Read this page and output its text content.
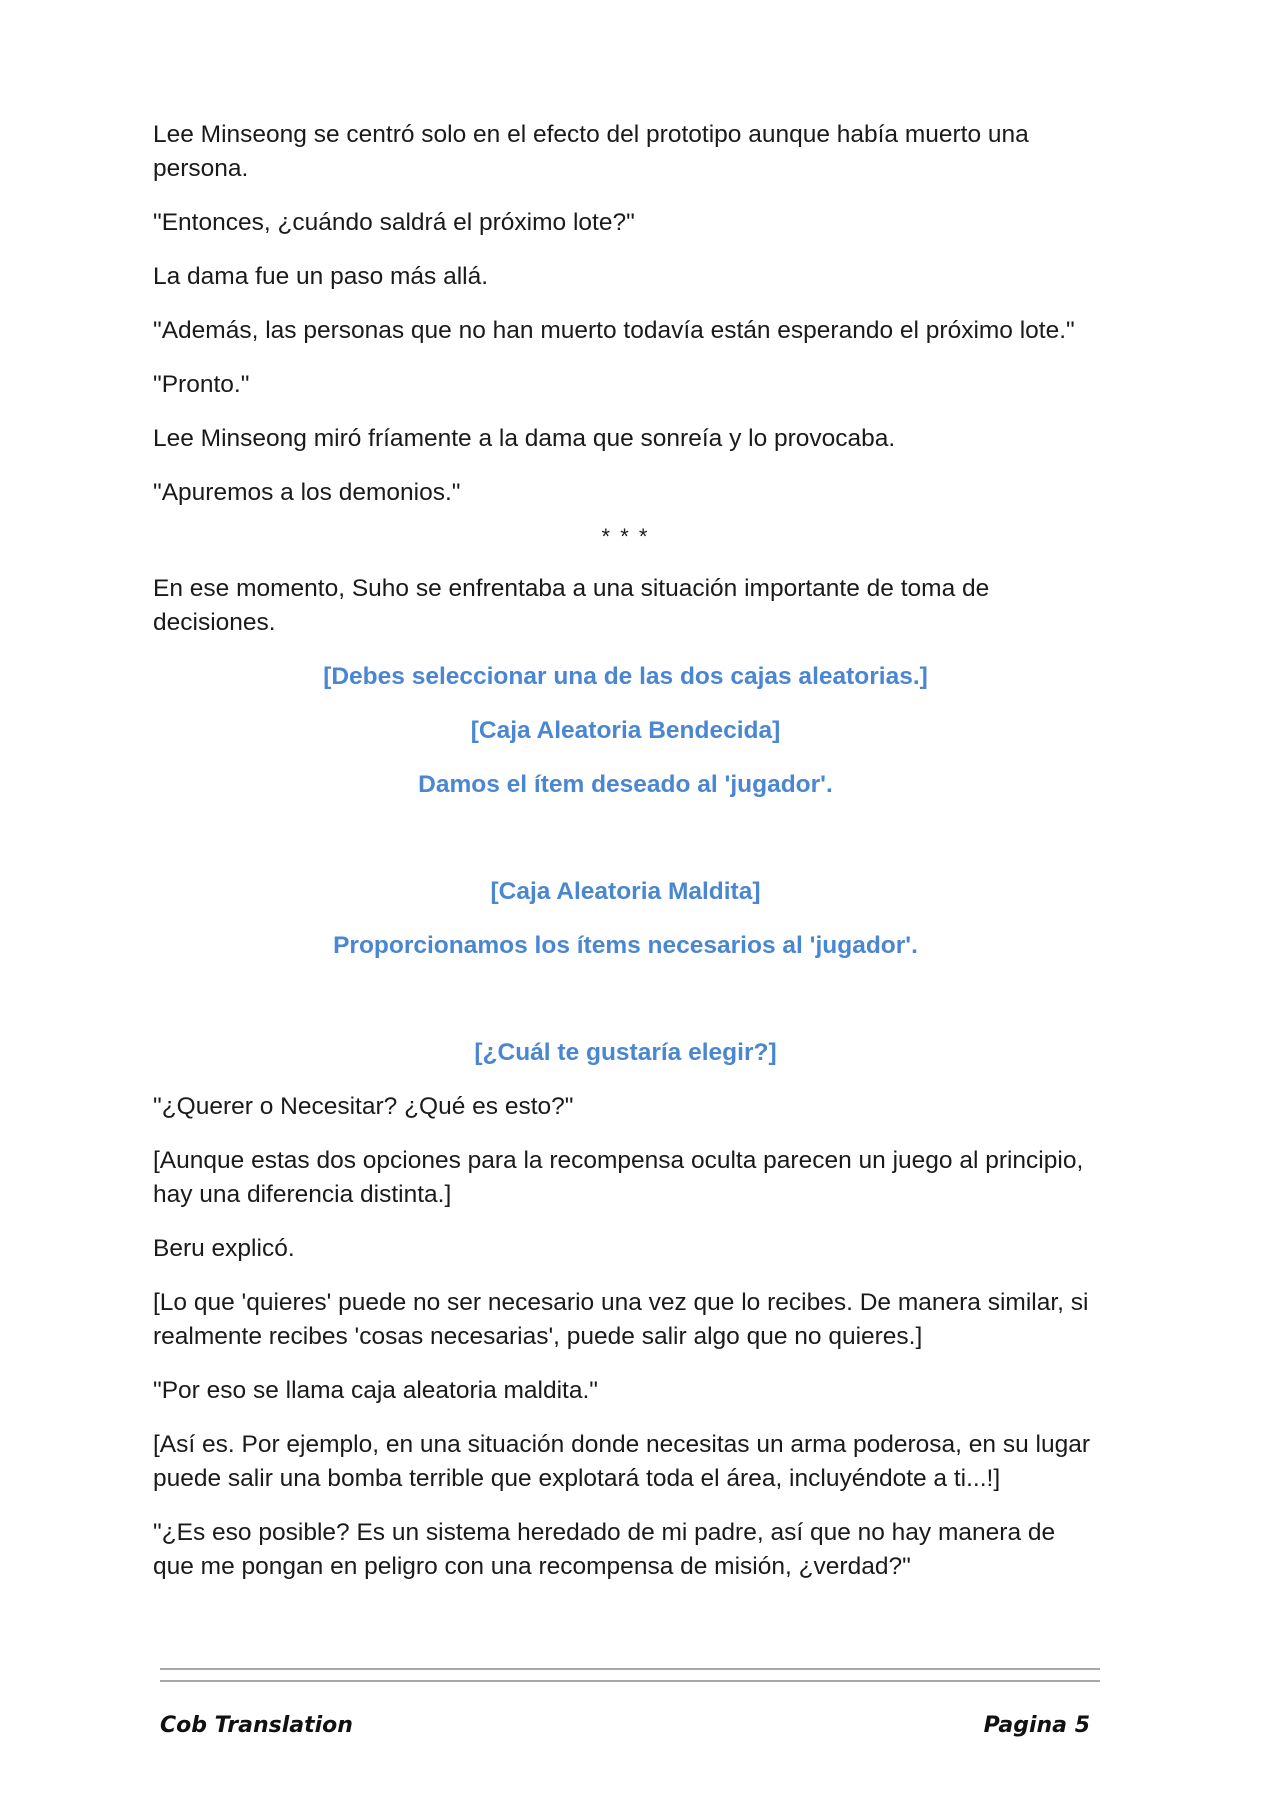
Lee Minseong se centró solo en el efecto del prototipo aunque había muerto una persona.

"Entonces, ¿cuándo saldrá el próximo lote?"

La dama fue un paso más allá.

"Además, las personas que no han muerto todavía están esperando el próximo lote."

"Pronto."

Lee Minseong miró fríamente a la dama que sonreía y lo provocaba.

"Apuremos a los demonios."

* * *

En ese momento, Suho se enfrentaba a una situación importante de toma de decisiones.

[Debes seleccionar una de las dos cajas aleatorias.]
[Caja Aleatoria Bendecida]
Damos el ítem deseado al 'jugador'.
[Caja Aleatoria Maldita]
Proporcionamos los ítems necesarios al 'jugador'.
[¿Cuál te gustaría elegir?]

"¿Querer o Necesitar? ¿Qué es esto?"

[Aunque estas dos opciones para la recompensa oculta parecen un juego al principio, hay una diferencia distinta.]

Beru explicó.

[Lo que 'quieres' puede no ser necesario una vez que lo recibes. De manera similar, si realmente recibes 'cosas necesarias', puede salir algo que no quieres.]

"Por eso se llama caja aleatoria maldita."

[Así es. Por ejemplo, en una situación donde necesitas un arma poderosa, en su lugar puede salir una bomba terrible que explotará toda el área, incluyéndote a ti...!]

"¿Es eso posible? Es un sistema heredado de mi padre, así que no hay manera de que me pongan en peligro con una recompensa de misión, ¿verdad?"

Cob Translation	Pagina 5
